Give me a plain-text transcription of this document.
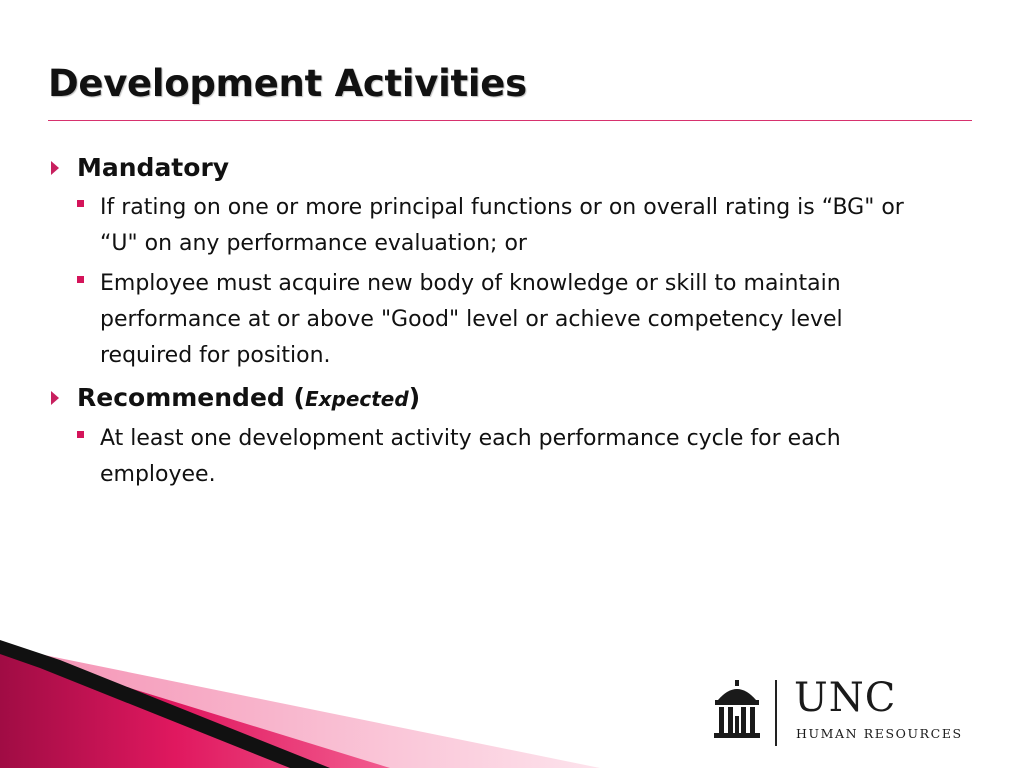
Development Activities
Mandatory
If rating on one or more principal functions or on overall rating is “BG" or “U" on any performance evaluation; or
Employee must acquire new body of knowledge or skill to maintain performance at or above "Good" level or achieve competency level required for position.
Recommended (Expected)
At least one development activity each performance cycle for each employee.
UNC
HUMAN RESOURCES
